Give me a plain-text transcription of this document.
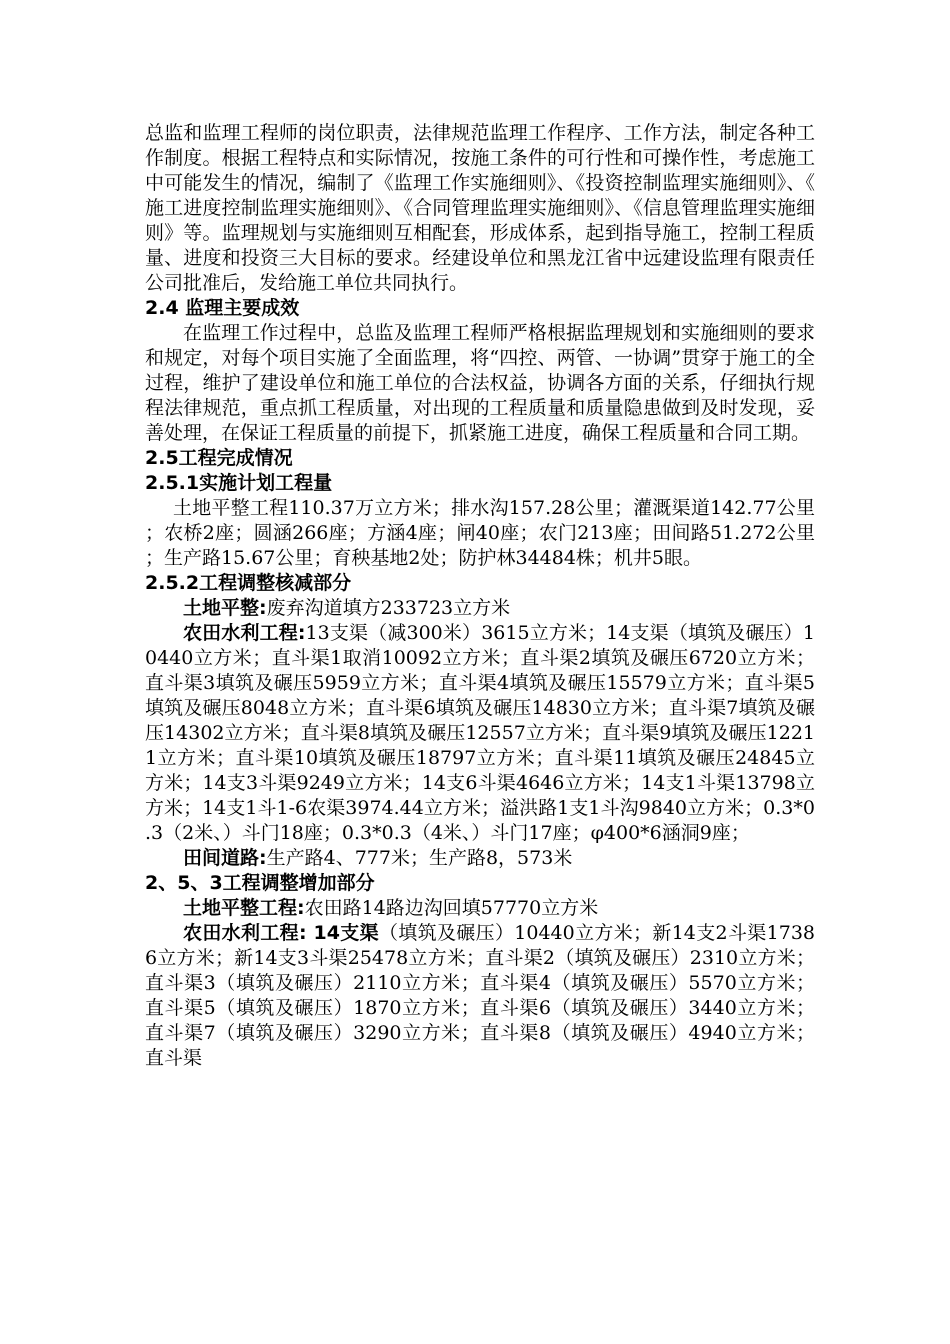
总监和监理工程师的岗位职责，法律规范监理工作程序、工作方法，制定各种工作制度。根据工程特点和实际情况，按施工条件的可行性和可操作性，考虑施工中可能发生的情况，编制了《监理工作实施细则》、《投资控制监理实施细则》、《施工进度控制监理实施细则》、《合同管理监理实施细则》、《信息管理监理实施细则》等。监理规划与实施细则互相配套，形成体系，起到指导施工，控制工程质量、进度和投资三大目标的要求。经建设单位和黑龙江省中远建设监理有限责任公司批准后，发给施工单位共同执行。

2.4 监理主要成效

在监理工作过程中，总监及监理工程师严格根据监理规划和实施细则的要求和规定，对每个项目实施了全面监理，将“四控、两管、一协调”贯穿于施工的全过程，维护了建设单位和施工单位的合法权益，协调各方面的关系，仔细执行规程法律规范，重点抓工程质量，对出现的工程质量和质量隐患做到及时发现，妥善处理，在保证工程质量的前提下，抓紧施工进度，确保工程质量和合同工期。

2.5工程完成情况
2.5.1实施计划工程量

土地平整工程110.37万立方米；排水沟157.28公里；灌溉渠道142.77公里；农桥2座；圆涵266座；方涵4座；闸40座；农门213座；田间路51.272公里；生产路15.67公里；育秧基地2处；防护林34484株；机井5眼。

2.5.2工程调整核减部分

土地平整:废弃沟道填方233723立方米

农田水利工程:13支渠（减300米）3615立方米；14支渠（填筑及碾压）10440立方米；直斗渠1取消10092立方米；直斗渠2填筑及碾压6720立方米；直斗渠3填筑及碾压5959立方米；直斗渠4填筑及碾压15579立方米；直斗渠5填筑及碾压8048立方米；直斗渠6填筑及碾压14830立方米；直斗渠7填筑及碾压14302立方米；直斗渠8填筑及碾压12557立方米；直斗渠9填筑及碾压12211立方米；直斗渠10填筑及碾压18797立方米；直斗渠11填筑及碾压24845立方米；14支3斗渠9249立方米；14支6斗渠4646立方米；14支1斗渠13798立方米；14支1斗1-6农渠3974.44立方米；溢洪路1支1斗沟9840立方米；0.3*0.3（2米、）斗门18座；0.3*0.3（4米、）斗门17座；φ400*6涵洞9座；

田间道路:生产路4、777米；生产路8，573米

2、5、3工程调整增加部分

土地平整工程:农田路14路边沟回填57770立方米

农田水利工程: 14支渠（填筑及碾压）10440立方米；新14支2斗渠17386立方米；新14支3斗渠25478立方米；直斗渠2（填筑及碾压）2310立方米；直斗渠3（填筑及碾压）2110立方米；直斗渠4（填筑及碾压）5570立方米；直斗渠5（填筑及碾压）1870立方米；直斗渠6（填筑及碾压）3440立方米；直斗渠7（填筑及碾压）3290立方米；直斗渠8（填筑及碾压）4940立方米；直斗渠
